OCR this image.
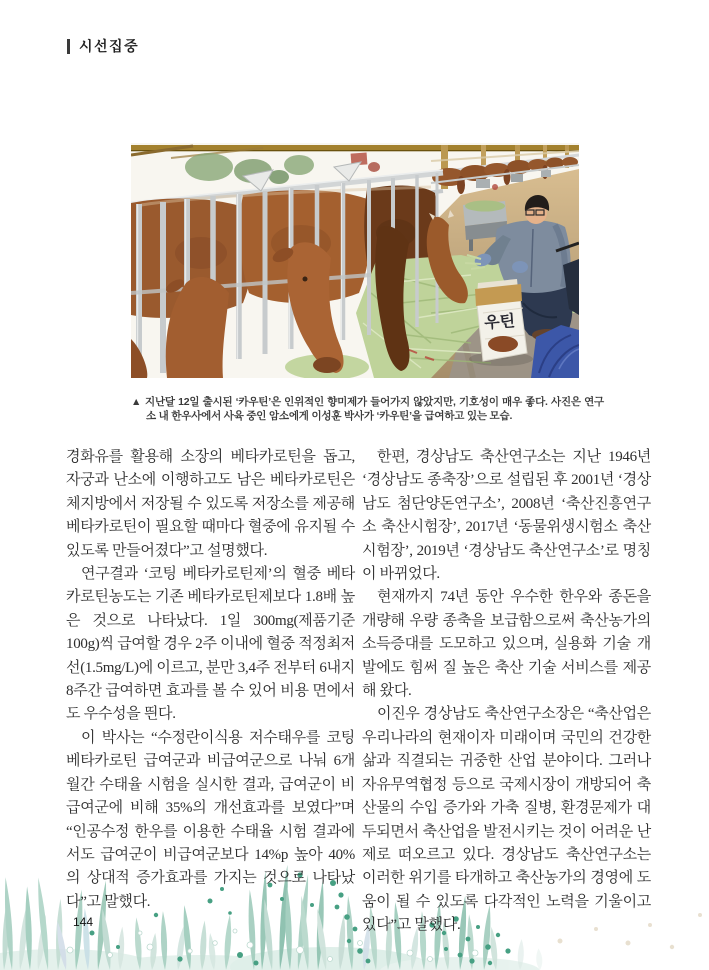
시선집중
우틴

▲ 지난달 12일 출시된 ‘카우틴’은 인위적인 향미제가 들어가지 않았지만, 기호성이 매우 좋다. 사진은 연구소 내 한우사에서 사육 중인 암소에게 이성훈 박사가 ‘카우틴’을 급여하고 있는 모습.

경화유를 활용해 소장의 베타카로틴을 돕고, 자궁과 난소에 이행하고도 남은 베타카로틴은 체지방에서 저장될 수 있도록 저장소를 제공해 베타카로틴이 필요할 때마다 혈중에 유지될 수 있도록 만들어졌다”고 설명했다.

연구결과 ‘코팅 베타카로틴제’의 혈중 베타카로틴농도는 기존 베타카로틴제보다 1.8배 높은 것으로 나타났다. 1일 300mg(제품기준 100g)씩 급여할 경우 2주 이내에 혈중 적정최저선(1.5mg/L)에 이르고, 분만 3,4주 전부터 6내지 8주간 급여하면 효과를 볼 수 있어 비용 면에서도 우수성을 띈다.

이 박사는 “수정란이식용 저수태우를 코팅 베타카로틴 급여군과 비급여군으로 나눠 6개월간 수태율 시험을 실시한 결과, 급여군이 비급여군에 비해 35%의 개선효과를 보였다”며 “인공수정 한우를 이용한 수태율 시험 결과에서도 급여군이 비급여군보다 14%p 높아 40%의 상대적 증가효과를 가지는 것으로 나타났다”고 말했다.

한편, 경상남도 축산연구소는 지난 1946년 ‘경상남도 종축장’으로 설립된 후 2001년 ‘경상남도 첨단양돈연구소’, 2008년 ‘축산진흥연구소 축산시험장’, 2017년 ‘동물위생시험소 축산시험장’, 2019년 ‘경상남도 축산연구소’로 명칭이 바뀌었다.

현재까지 74년 동안 우수한 한우와 종돈을 개량해 우량 종축을 보급함으로써 축산농가의 소득증대를 도모하고 있으며, 실용화 기술 개발에도 힘써 질 높은 축산 기술 서비스를 제공해 왔다.

이진우 경상남도 축산연구소장은 “축산업은 우리나라의 현재이자 미래이며 국민의 건강한 삶과 직결되는 귀중한 산업 분야이다. 그러나 자유무역협정 등으로 국제시장이 개방되어 축산물의 수입 증가와 가축 질병, 환경문제가 대두되면서 축산업을 발전시키는 것이 어려운 난제로 떠오르고 있다. 경상남도 축산연구소는 이러한 위기를 타개하고 축산농가의 경영에 도움이 될 수 있도록 다각적인 노력을 기울이고 있다”고 말했다.

144
